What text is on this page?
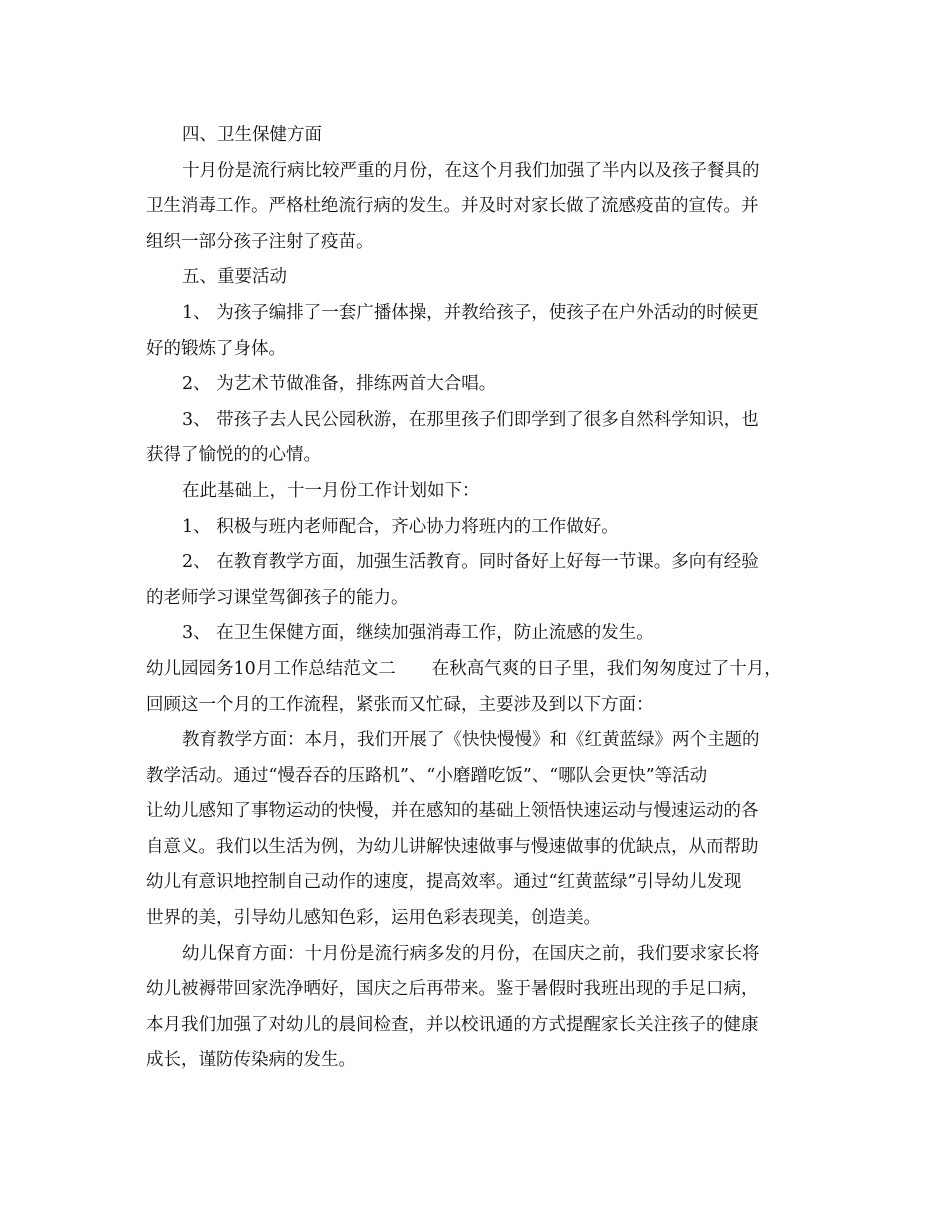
四、卫生保健方面
十月份是流行病比较严重的月份，在这个月我们加强了半内以及孩子餐具的
卫生消毒工作。严格杜绝流行病的发生。并及时对家长做了流感疫苗的宣传。并
组织一部分孩子注射了疫苗。
五、重要活动
1、 为孩子编排了一套广播体操，并教给孩子，使孩子在户外活动的时候更
好的锻炼了身体。
2、 为艺术节做准备，排练两首大合唱。
3、 带孩子去人民公园秋游，在那里孩子们即学到了很多自然科学知识，也
获得了愉悦的的心情。
在此基础上，十一月份工作计划如下：
1、 积极与班内老师配合，齐心协力将班内的工作做好。
2、 在教育教学方面，加强生活教育。同时备好上好每一节课。多向有经验
的老师学习课堂驾御孩子的能力。
3、 在卫生保健方面，继续加强消毒工作，防止流感的发生。
幼儿园园务10月工作总结范文二 在秋高气爽的日子里，我们匆匆度过了十月，
回顾这一个月的工作流程，紧张而又忙碌，主要涉及到以下方面：
教育教学方面：本月，我们开展了《快快慢慢》和《红黄蓝绿》两个主题的
教学活动。通过“慢吞吞的压路机”、“小磨蹭吃饭”、“哪队会更快”等活动
让幼儿感知了事物运动的快慢，并在感知的基础上领悟快速运动与慢速运动的各
自意义。我们以生活为例，为幼儿讲解快速做事与慢速做事的优缺点，从而帮助
幼儿有意识地控制自己动作的速度，提高效率。通过“红黄蓝绿”引导幼儿发现
世界的美，引导幼儿感知色彩，运用色彩表现美，创造美。
幼儿保育方面：十月份是流行病多发的月份，在国庆之前，我们要求家长将
幼儿被褥带回家洗净晒好，国庆之后再带来。鉴于暑假时我班出现的手足口病，
本月我们加强了对幼儿的晨间检查，并以校讯通的方式提醒家长关注孩子的健康
成长，谨防传染病的发生。
